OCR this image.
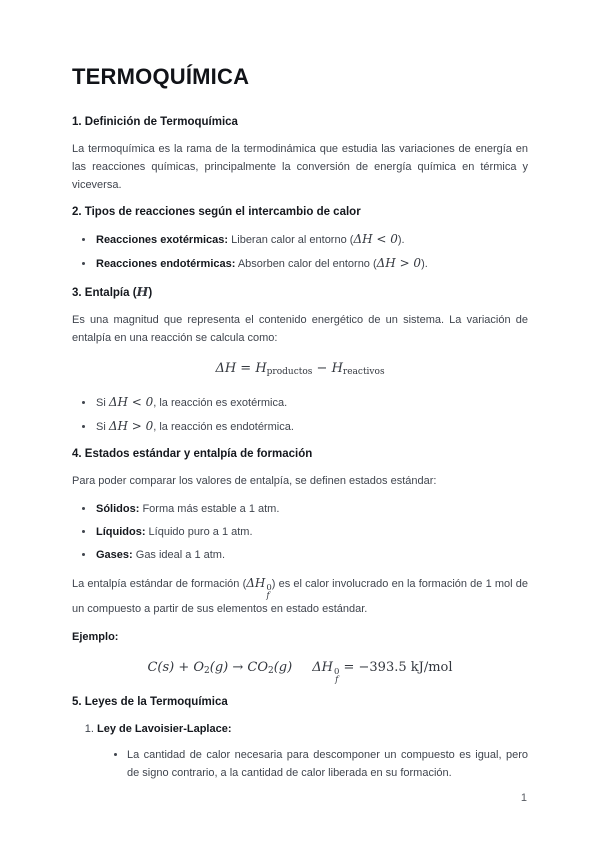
TERMOQUÍMICA
1. Definición de Termoquímica

La termoquímica es la rama de la termodinámica que estudia las variaciones de energía en las reacciones químicas, principalmente la conversión de energía química en térmica y viceversa.

2. Tipos de reacciones según el intercambio de calor
• Reacciones exotérmicas: Liberan calor al entorno (ΔH < 0).
• Reacciones endotérmicas: Absorben calor del entorno (ΔH > 0).
3. Entalpía (H)

Es una magnitud que representa el contenido energético de un sistema. La variación de entalpía en una reacción se calcula como:

$\Delta H = H_{productos} - H_{reactivos}$
• Si ΔH < 0, la reacción es exotérmica.
• Si ΔH > 0, la reacción es endotérmica.
4. Estados estándar y entalpía de formación

Para poder comparar los valores de entalpía, se definen estados estándar:

• Sólidos: Forma más estable a 1 atm.
• Líquidos: Líquido puro a 1 atm.
• Gases: Gas ideal a 1 atm.

La entalpía estándar de formación (ΔH 0
f
) es el calor involucrado en la formación de 1 mol de un compuesto a partir de sus elementos en estado estándar.

Ejemplo:

$C(s) + O_2(g) \to CO_2(g)$ ΔH 0
f
= −393.5 kJ/mol
5. Leyes de la Termoquímica
1. Ley de Lavoisier-Laplace:
• La cantidad de calor necesaria para descomponer un compuesto es igual, pero de signo contrario, a la cantidad de calor liberada en su formación.
1
